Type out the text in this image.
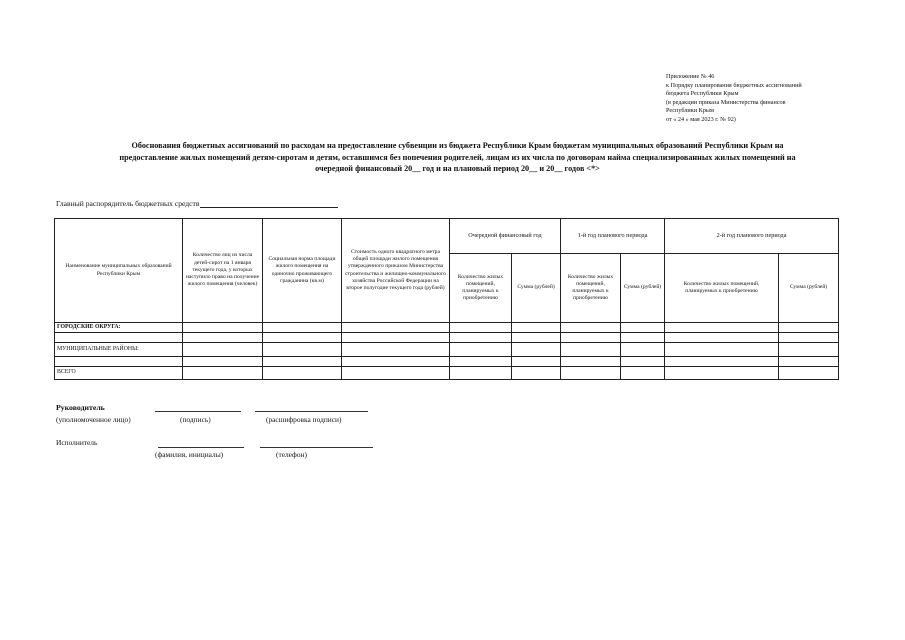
Приложение № 46
к Порядку планирования бюджетных ассигнований
бюджета Республики Крым
(в редакции приказа Министерства финансов
Республики Крым
от « 24 » мая 2023 г. № 92)
Обоснования бюджетных ассигнований по расходам на предоставление субвенции из бюджета Республики Крым бюджетам муниципальных образований Республики Крым на
предоставление жилых помещений детям-сиротам и детям, оставшимся без попечения родителей, лицам из их числа по договорам найма специализированных жилых помещений на
очередной финансовый 20__ год и на плановый период 20__ и 20__ годов <*>
Главный распорядитель бюджетных средств
Наименование муниципальных образований Республики Крым	Количество лиц из числа детей-сирот на 1 января текущего года, у которых наступило право на получение жилого помещения (человек)	Социальная норма площади жилого помещения на одиночно проживающего гражданина (кв.м)	Стоимость одного квадратного метра общей площади жилого помещения утвержденного приказом Министерства строительства и жилищно-коммунального хозяйства Российской Федерации на второе полугодие текущего года (рублей)	Очередной финансовый год		1-й год планового периода		2-й год планового периода	
				Количество жилых помещений, планируемых к приобретению	Сумма (рублей)	Количество жилых помещений, планируемых к приобретению	Сумма (рублей)	Количество жилых помещений, планируемых к приобретению	Сумма (рублей)
ГОРОДСКИЕ ОКРУГА:									

МУНИЦИПАЛЬНЫЕ РАЙОНЫ:									

ВСЕГО									
Руководитель
(уполномоченное лицо)	(подпись)	(расшифровка подписи)
Исполнитель
(фамилия, инициалы)	(телефон)
